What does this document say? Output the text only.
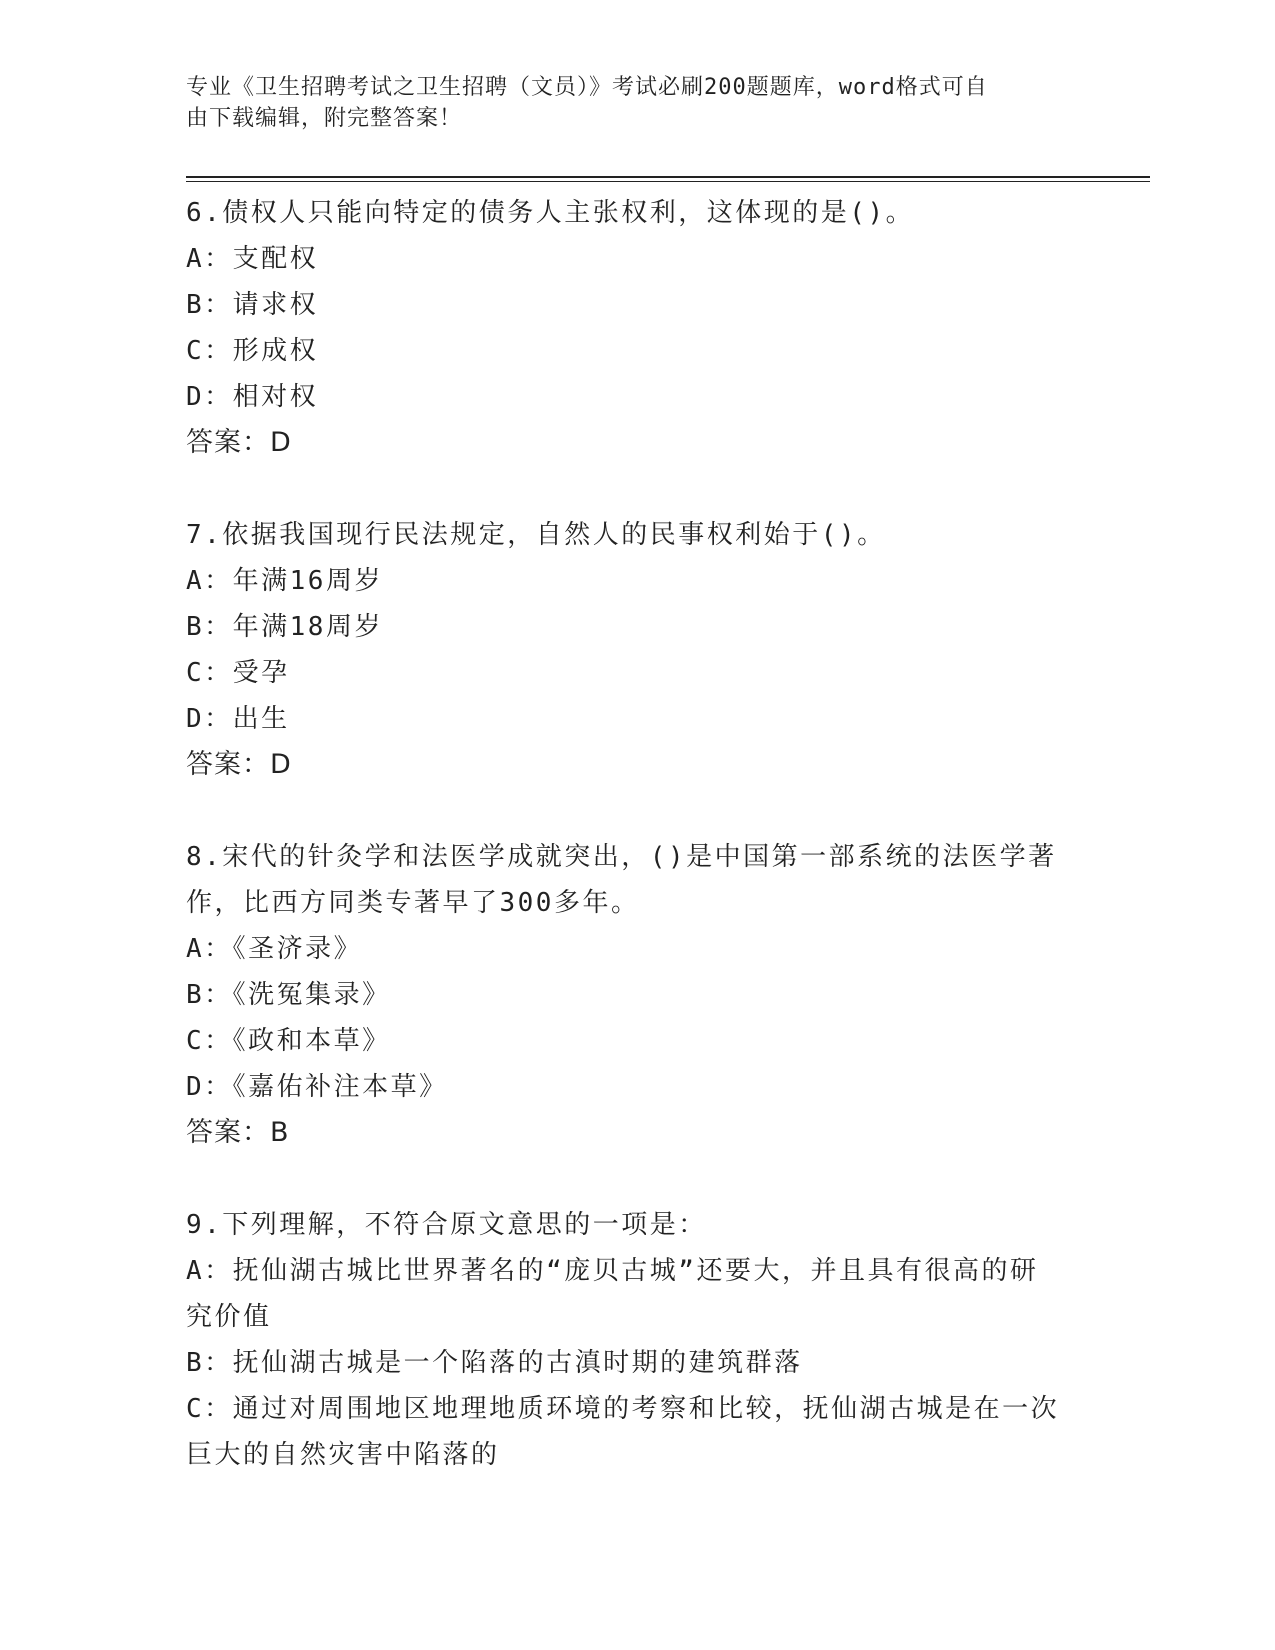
专业《卫生招聘考试之卫生招聘（文员）》考试必刷200题题库，word格式可自
由下载编辑，附完整答案！
6.债权人只能向特定的债务人主张权利，这体现的是()。
A：支配权
B：请求权
C：形成权
D：相对权
答案：D
7.依据我国现行民法规定，自然人的民事权利始于()。
A：年满16周岁
B：年满18周岁
C：受孕
D：出生
答案：D
8.宋代的针灸学和法医学成就突出，()是中国第一部系统的法医学著
作，比西方同类专著早了300多年。
A：《圣济录》
B：《洗冤集录》
C：《政和本草》
D：《嘉佑补注本草》
答案：B
9.下列理解，不符合原文意思的一项是：
A：抚仙湖古城比世界著名的“庞贝古城”还要大，并且具有很高的研
究价值
B：抚仙湖古城是一个陷落的古滇时期的建筑群落
C：通过对周围地区地理地质环境的考察和比较，抚仙湖古城是在一次
巨大的自然灾害中陷落的
